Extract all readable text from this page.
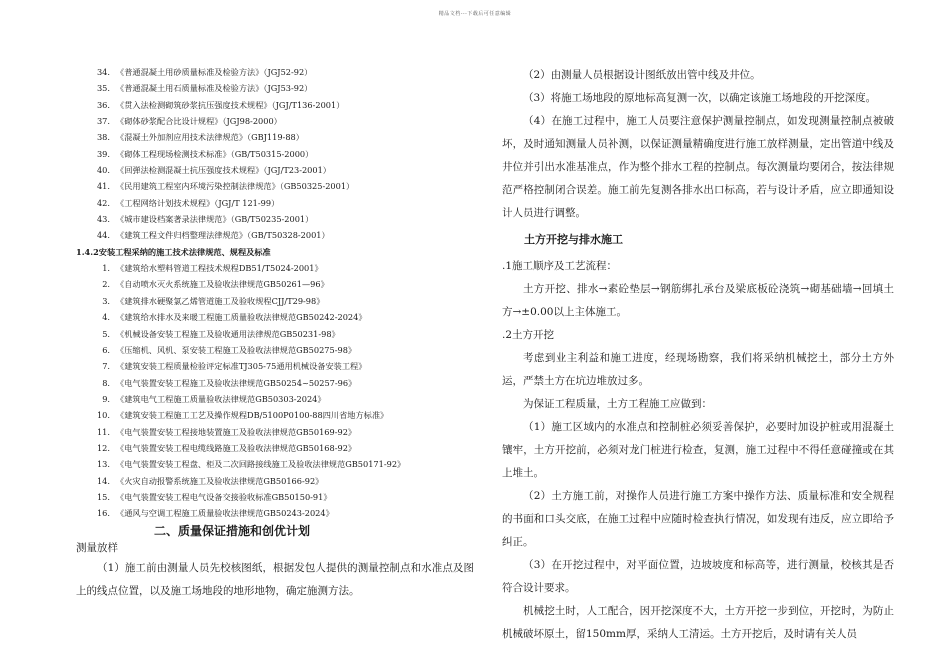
精品文档---下载后可任意编辑
34. 《普通混凝土用砂质量标准及检验方法》（JGJ52-92）
35. 《普通混凝土用石质量标准及检验方法》（JGJ53-92）
36. 《贯入法检测砌筑砂浆抗压强度技术规程》（JGJ/T136-2001）
37. 《砌体砂浆配合比设计规程》（JGJ98-2000）
38. 《混凝土外加剂应用技术法律规范》（GBJ119-88）
39. 《砌体工程现场检测技术标准》（GB/T50315-2000）
40. 《回弹法检测混凝土抗压强度技术规程》（JGJ/T23-2001）
41. 《民用建筑工程室内环境污染控制法律规范》（GB50325-2001）
42. 《工程网络计划技术规程》（JGJ/T 121-99）
43. 《城市建设档案著录法律规范》（GB/T50235-2001）
44. 《建筑工程文件归档整理法律规范》（GB/T50328-2001）
1.4.2安装工程采纳的施工技术法律规范、规程及标准
1. 《建筑给水塑料管道工程技术规程DB51/T5024-2001》
2. 《自动喷水灭火系统施工及验收法律规范GB50261—96》
3. 《建筑排水硬聚氯乙烯管道施工及验收规程CJJ/T29-98》
4. 《建筑给水排水及来暖工程施工质量验收法律规范GB50242-2024》
5. 《机械设备安装工程施工及验收通用法律规范GB50231-98》
6. 《压缩机、风机、泵安装工程施工及验收法律规范GB50275-98》
7. 《建筑安装工程质量检验评定标准TJ305-75通用机械设备安装工程》
8. 《电气装置安装工程施工及验收法律规范GB50254~50257-96》
9. 《建筑电气工程施工质量验收法律规范GB50303-2024》
10. 《建筑安装工程施工工艺及操作规程DB/5100P0100-88四川省地方标准》
11. 《电气装置安装工程接地装置施工及验收法律规范GB50169-92》
12. 《电气装置安装工程电缆线路施工及验收法律规范GB50168-92》
13. 《电气装置安装工程盘、柜及二次回路接线施工及验收法律规范GB50171-92》
14. 《火灾自动报警系统施工及验收法律规范GB50166-92》
15. 《电气装置安装工程电气设备交接验收标准GB50150-91》
16. 《通风与空调工程施工质量验收法律规范GB50243-2024》
二、质量保证措施和创优计划
测量放样

（1）施工前由测量人员先校核图纸，根据发包人提供的测量控制点和水准点及图上的线点位置，以及施工场地段的地形地物，确定施测方法。

（2）由测量人员根据设计图纸放出管中线及井位。

（3）将施工场地段的原地标高复测一次，以确定该施工场地段的开挖深度。

（4）在施工过程中，施工人员要注意保护测量控制点，如发现测量控制点被破坏，及时通知测量人员补测，以保证测量精确度进行施工放样测量，定出管道中线及井位并引出水准基准点，作为整个排水工程的控制点。每次测量均要闭合，按法律规范严格控制闭合误差。施工前先复测各排水出口标高，若与设计矛盾，应立即通知设计人员进行调整。

土方开挖与排水施工
.1施工顺序及工艺流程：

土方开挖、排水→素砼垫层→钢筋绑扎承台及梁底板砼浇筑→砌基础墙→回填土方→±0.00以上主体施工。

.2土方开挖

考虑到业主利益和施工进度，经现场勘察，我们将采纳机械挖土，部分土方外运，严禁土方在坑边堆放过多。

为保证工程质量，土方工程施工应做到：

（1）施工区域内的水准点和控制桩必须妥善保护，必要时加设护桩或用混凝土镶牢，土方开挖前，必须对龙门桩进行检查，复测，施工过程中不得任意碰撞或在其上堆土。

（2）土方施工前，对操作人员进行施工方案中操作方法、质量标准和安全规程的书面和口头交底，在施工过程中应随时检查执行情况，如发现有违反，应立即给予纠正。

（3）在开挖过程中，对平面位置，边坡坡度和标高等，进行测量，校核其是否符合设计要求。

机械挖土时，人工配合，因开挖深度不大，土方开挖一步到位，开挖时，为防止机械破坏原土，留150mm厚，采纳人工清运。土方开挖后，及时请有关人员
